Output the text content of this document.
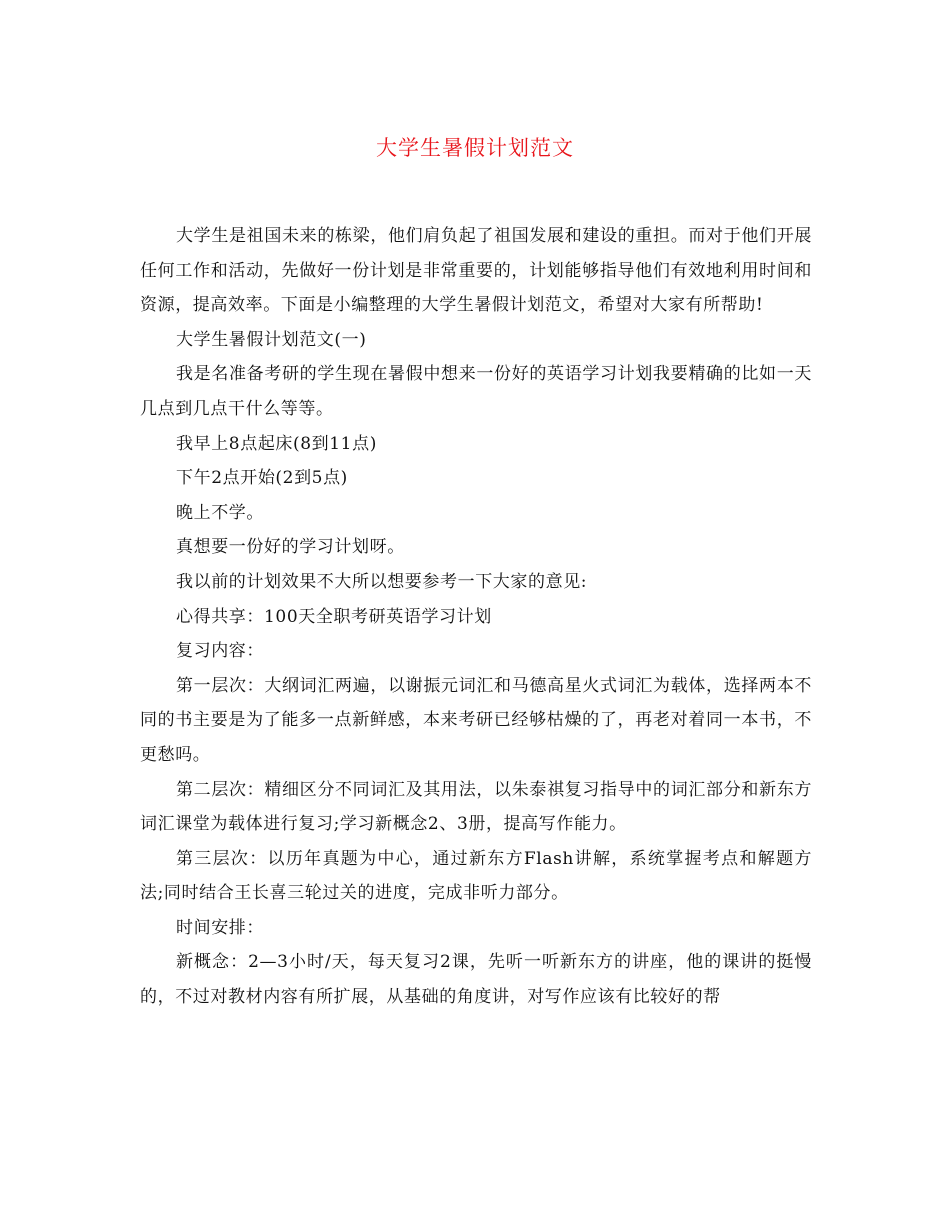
大学生暑假计划范文

大学生是祖国未来的栋梁，他们肩负起了祖国发展和建设的重担。而对于他们开展任何工作和活动，先做好一份计划是非常重要的，计划能够指导他们有效地利用时间和资源，提高效率。下面是小编整理的大学生暑假计划范文，希望对大家有所帮助!

大学生暑假计划范文(一)

我是名准备考研的学生现在暑假中想来一份好的英语学习计划我要精确的比如一天几点到几点干什么等等。

我早上8点起床(8到11点)

下午2点开始(2到5点)

晚上不学。

真想要一份好的学习计划呀。

我以前的计划效果不大所以想要参考一下大家的意见:

心得共享：100天全职考研英语学习计划

复习内容：

第一层次：大纲词汇两遍，以谢振元词汇和马德高星火式词汇为载体，选择两本不同的书主要是为了能多一点新鲜感，本来考研已经够枯燥的了，再老对着同一本书，不更愁吗。

第二层次：精细区分不同词汇及其用法，以朱泰祺复习指导中的词汇部分和新东方词汇课堂为载体进行复习;学习新概念2、3册，提高写作能力。

第三层次：以历年真题为中心，通过新东方Flash讲解，系统掌握考点和解题方法;同时结合王长喜三轮过关的进度，完成非听力部分。

时间安排：

新概念：2—3小时/天，每天复习2课，先听一听新东方的讲座，他的课讲的挺慢的，不过对教材内容有所扩展，从基础的角度讲，对写作应该有比较好的帮
